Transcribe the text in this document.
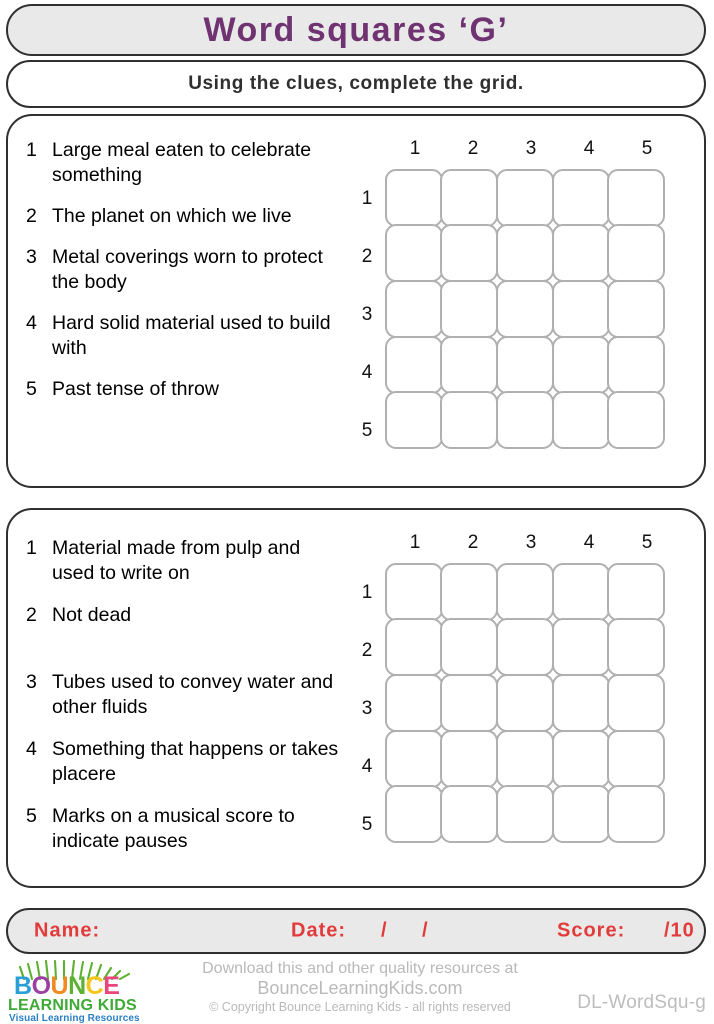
Word squares ‘G’
Using the clues, complete the grid.
1 Large meal eaten to celebrate something
2 The planet on which we live
3 Metal coverings worn to protect the body
4 Hard solid material used to build with
5 Past tense of throw
1	2	3	4	5
1
2
3
4
5
1 Material made from pulp and used to write on
2 Not dead
3 Tubes used to convey water and other fluids
4 Something that happens or takes placere
5 Marks on a musical score to indicate pauses
1	2	3	4	5
1
2
3
4
5
Name:	Date: / /	Score: /10
BOUNCE
LEARNING KIDS
Visual Learning Resources
Download this and other quality resources at
BounceLearningKids.com
© Copyright Bounce Learning Kids - all rights reserved	DL-WordSqu-g
